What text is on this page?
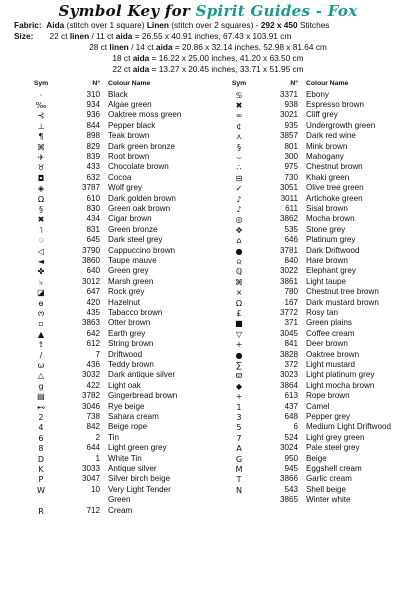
Symbol Key for Spirit Guides - Fox
Fabric: Aida (stitch over 1 square) Linen (stitch over 2 squares) - 292 x 450 Stitches
Size: 22 ct linen / 11 ct aida = 26.55 x 40.91 inches, 67.43 x 103.91 cm
28 ct linen / 14 ct aida = 20.86 x 32.14 inches, 52.98 x 81.64 cm
18 ct aida = 16.22 x 25.00 inches, 41.20 x 63.50 cm
22 ct aida = 13.27 x 20.45 inches, 33.71 x 51.95 cm
Sym	N° Colour Name
·	310 Black
‰	934 Algae green
⊰	936 Oaktree moss green
⊥	844 Pepper black
¶	898 Teak brown
⌘	829 Dark green bronze
✈	839 Root brown
♉	433 Chocolate brown
◘	632 Cocoa
◈	3787 Wolf grey
Ω	610 Dark golden brown
§	830 Green oak brown
✖	434 Cigar brown
˥	831 Green bronze
♢	645 Dark steel grey
◁	3790 Cappuccino brown
◄	3860 Taupe mauve
✤	640 Green grey
♭	3012 Marsh green
◪	647 Rock grey
ɵ	420 Hazelnut
ო	435 Tabacco brown
▫	3863 Otter brown
▲	642 Earth grey
⥉	612 String brown
/	7 Driftwood
ω	436 Teddy brown
△	3032 Dark antique silver
g	422 Light oak
▤	3782 Gingerbread brown
⊷	3046 Rye beige
2	738 Sahara cream
4	842 Beige rope
6	2 Tin
8	644 Light green grey
D	1 White Tin
K	3033 Antique silver
P	3047 Silver birch beige
W	10 Very Light Tender Green
R	712 Cream
Sym	N° Colour Name
♋	3371 Ebony
✖	938 Espresso brown
∞	3021 Cliff grey
¢	935 Undergrowth green
⋏	3857 Dark red wine
§	801 Mink brown
⌣	300 Mahogany
∴	975 Chestnut brown
⊟	730 Khaki green
✓	3051 Olive tree green
♪	3011 Artichoke green
♪	611 Sisal brown
◎	3862 Mocha brown
✥	535 Stone grey
⌂	646 Platinum grey
●	3781 Dark Driftwood
⍝	840 Hare brown
ℚ	3022 Elephant grey
⌘	3861 Light taupe
×	780 Chestnut tree brown
Ω	167 Dark mustard brown
£	3772 Rosy tan
■	371 Green plains
▽	3045 Coffee cream
+	841 Deer brown
●	3828 Oaktree brown
∑	372 Light mustard
ϖ	3023 Light platinum grey
◆	3864 Light mocha brown
+	613 Rope brown
1	437 Camel
3	648 Pepper grey
5	6 Medium Light Driftwood
7	524 Light grey green
A	3024 Pale steel grey
G	950 Beige
M	945 Eggshell cream
T	3866 Garlic cream
N	543 Shell beige
3865 Winter white
